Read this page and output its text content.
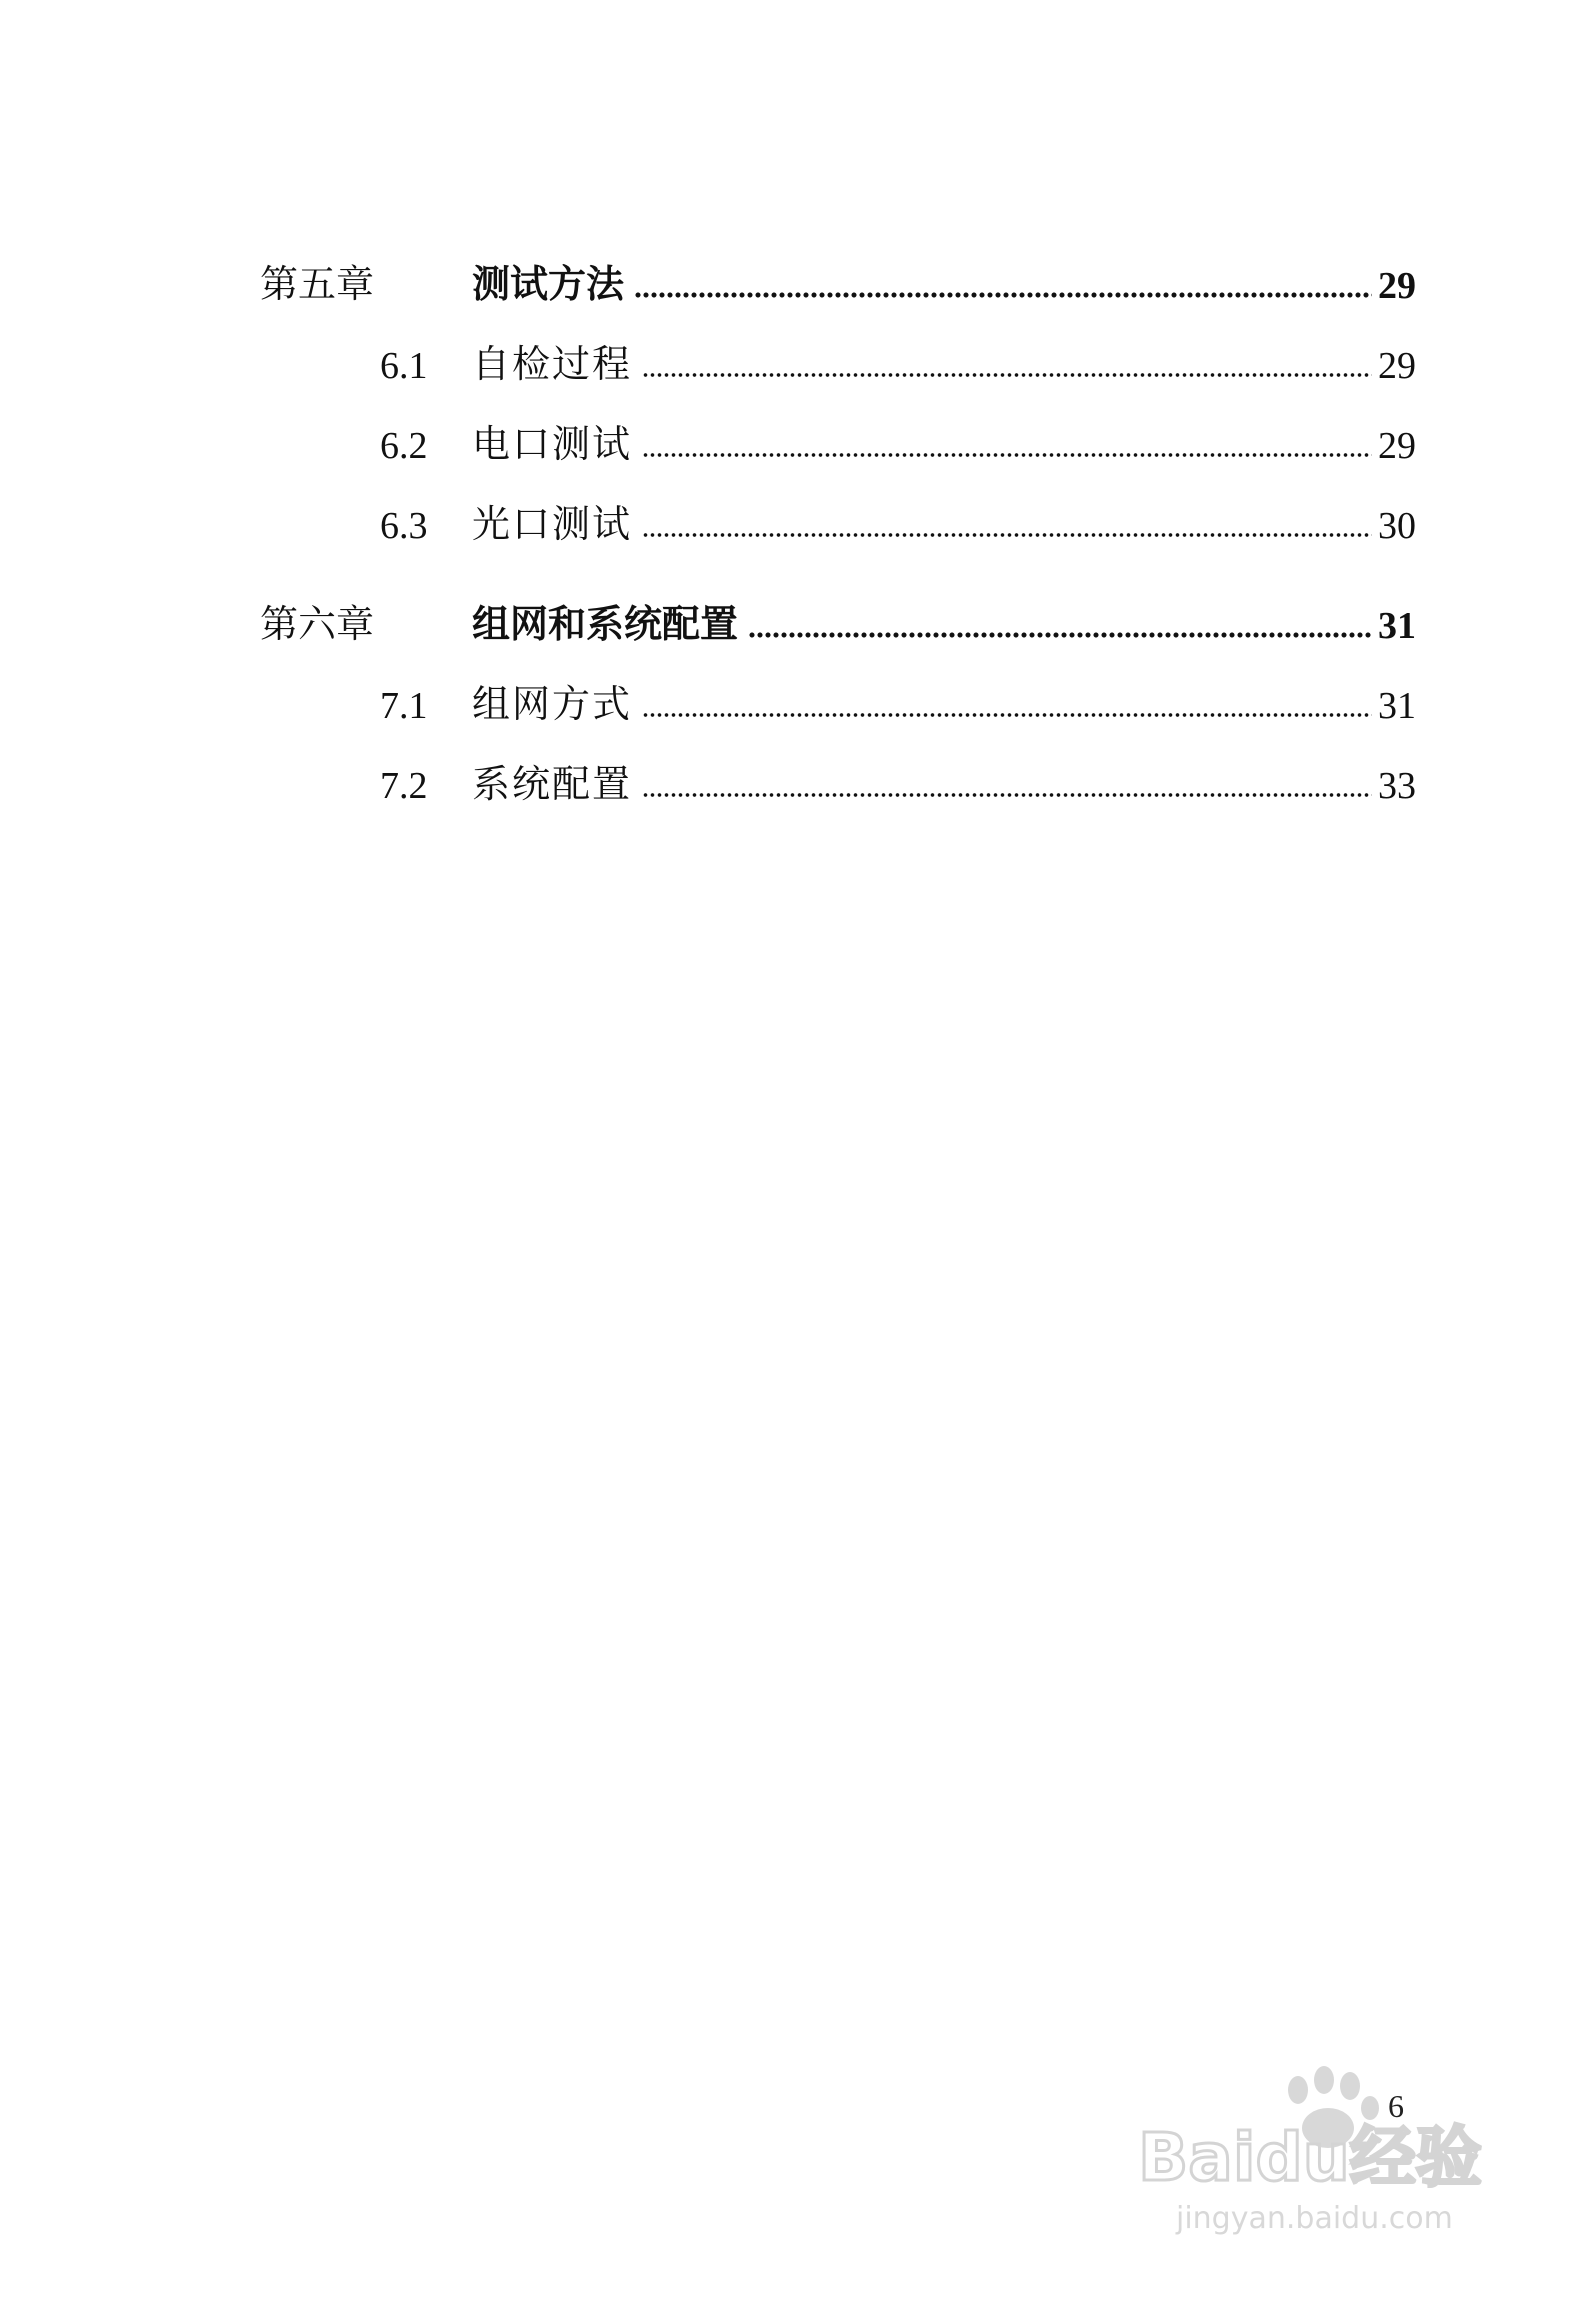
第五章	测试方法	29
6.1	自检过程	29
6.2	电口测试	29
6.3	光口测试	30
第六章	组网和系统配置	31
7.1	组网方式	31
7.2	系统配置	33
6
Baidu经验
jingyan.baidu.com
